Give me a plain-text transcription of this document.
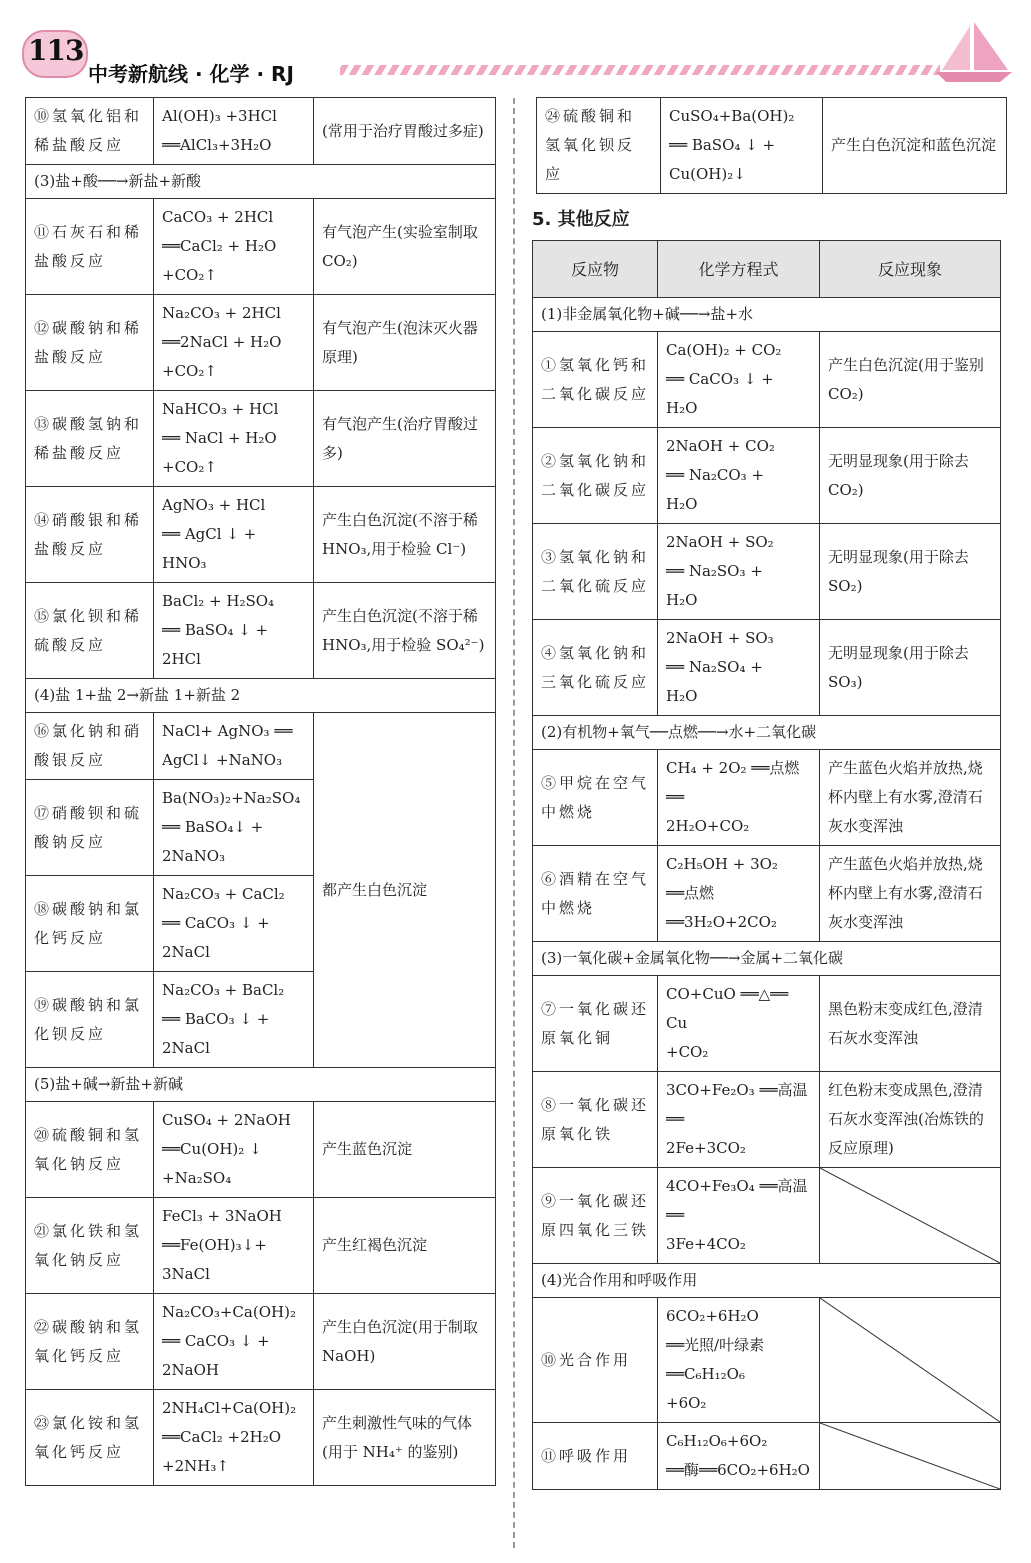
113
中考新航线 · 化学 · RJ
⑩氢氧化铝和稀盐酸反应	Al(OH)₃ +3HCl
══AlCl₃+3H₂O	(常用于治疗胃酸过多症)
(3)盐+酸──→新盐+新酸		
⑪石灰石和稀盐酸反应	CaCO₃ + 2HCl
══CaCl₂ + H₂O
+CO₂↑	有气泡产生(实验室制取 CO₂)
⑫碳酸钠和稀盐酸反应	Na₂CO₃ + 2HCl
══2NaCl + H₂O
+CO₂↑	有气泡产生(泡沫灭火器原理)
⑬碳酸氢钠和稀盐酸反应	NaHCO₃ + HCl
══ NaCl + H₂O
+CO₂↑	有气泡产生(治疗胃酸过多)
⑭硝酸银和稀盐酸反应	AgNO₃ + HCl
══ AgCl ↓ +
HNO₃	产生白色沉淀(不溶于稀 HNO₃,用于检验 Cl⁻)
⑮氯化钡和稀硫酸反应	BaCl₂ + H₂SO₄
══ BaSO₄ ↓ +
2HCl	产生白色沉淀(不溶于稀 HNO₃,用于检验 SO₄²⁻)
(4)盐 1+盐 2→新盐 1+新盐 2		
⑯氯化钠和硝酸银反应	NaCl+ AgNO₃ ══
AgCl↓ +NaNO₃	都产生白色沉淀
⑰硝酸钡和硫酸钠反应	Ba(NO₃)₂+Na₂SO₄
══ BaSO₄↓ +
2NaNO₃	

⑱碳酸钠和氯化钙反应	Na₂CO₃ + CaCl₂
══ CaCO₃ ↓ +
2NaCl	

⑲碳酸钠和氯化钡反应	Na₂CO₃ + BaCl₂
══ BaCO₃ ↓ +
2NaCl	

(5)盐+碱→新盐+新碱		
⑳硫酸铜和氢氧化钠反应	CuSO₄ + 2NaOH
══Cu(OH)₂ ↓
+Na₂SO₄	产生蓝色沉淀
㉑氯化铁和氢氧化钠反应	FeCl₃ + 3NaOH
══Fe(OH)₃↓+
3NaCl	产生红褐色沉淀
㉒碳酸钠和氢氧化钙反应	Na₂CO₃+Ca(OH)₂
══ CaCO₃ ↓ +
2NaOH	产生白色沉淀(用于制取 NaOH)
㉓氯化铵和氢氧化钙反应	2NH₄Cl+Ca(OH)₂
══CaCl₂ +2H₂O
+2NH₃↑	产生刺激性气味的气体(用于 NH₄⁺ 的鉴别)
㉔硫酸铜和氢氧化钡反应	
CuSO₄+Ba(OH)₂
══ BaSO₄ ↓ +
Cu(OH)₂↓
	产生白色沉淀和蓝色沉淀
5. 其他反应
反应物	化学方程式	反应现象
(1)非金属氧化物+碱──→盐+水		
①氢氧化钙和二氧化碳反应	Ca(OH)₂ + CO₂
══ CaCO₃ ↓ +
H₂O	产生白色沉淀(用于鉴别 CO₂)
②氢氧化钠和二氧化碳反应	2NaOH + CO₂
══ Na₂CO₃ +
H₂O	无明显现象(用于除去 CO₂)
③氢氧化钠和二氧化硫反应	2NaOH + SO₂
══ Na₂SO₃ +
H₂O	无明显现象(用于除去 SO₂)
④氢氧化钠和三氧化硫反应	2NaOH + SO₃
══ Na₂SO₄ +
H₂O	无明显现象(用于除去 SO₃)
(2)有机物+氧气──点燃──→水+二氧化碳		
⑤甲烷在空气中燃烧	CH₄ + 2O₂ ══点燃══
2H₂O+CO₂	产生蓝色火焰并放热,烧杯内壁上有水雾,澄清石灰水变浑浊
⑥酒精在空气中燃烧	C₂H₅OH + 3O₂
══点燃══3H₂O+2CO₂	产生蓝色火焰并放热,烧杯内壁上有水雾,澄清石灰水变浑浊
(3)一氧化碳+金属氧化物──→金属+二氧化碳		
⑦一氧化碳还原氧化铜	CO+CuO ══△══ Cu
+CO₂	黑色粉末变成红色,澄清石灰水变浑浊
⑧一氧化碳还原氧化铁	3CO+Fe₂O₃ ══高温══
2Fe+3CO₂	红色粉末变成黑色,澄清石灰水变浑浊(冶炼铁的反应原理)
⑨一氧化碳还原四氧化三铁	4CO+Fe₃O₄ ══高温══
3Fe+4CO₂

(4)光合作用和呼吸作用		
⑩光合作用	6CO₂+6H₂O
══光照/叶绿素══C₆H₁₂O₆
+6O₂

⑪呼吸作用	C₆H₁₂O₆+6O₂
══酶══6CO₂+6H₂O
